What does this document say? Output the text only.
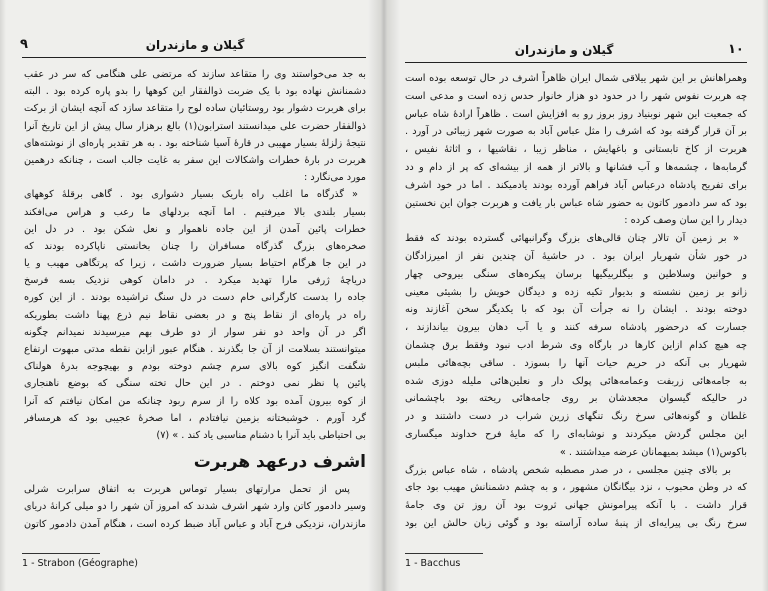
۹	گیلان و مازندران
به جد می‌خواستند وی را متقاعد سازند که مرتضی علی هنگامی که سر در عقب
دشمنانش نهاده بود با یک ضربت ذوالفقار این کوهها را بدو پاره کرده بود . البته
برای هربرت دشوار بود روستائیان ساده لوح را متقاعد سازد که آنچه ایشان از برکت
ذوالفقار حضرت علی میدانستند استرابون(۱) بالغ برهزار سال پیش از این تاریخ آنرا
نتیجهٔ زلزلهٔ بسیار مهیبی در قارهٔ آسیا شناخته بود . به هر تقدیر پاره‌ای از نوشته‌های
هربرت در بارهٔ خطرات واشکالات این سفر به غایت جالب است ، چنانکه درهمین
مورد می‌نگارد :
« گذرگاه ما اغلب راه باریک بسیار دشواری بود . گاهی برقلهٔ کوههای
بسیار بلندی بالا میرفتیم . اما آنچه بردلهای ما رعب و هراس می‌افکند
خطرات پائین آمدن از این جاده ناهموار و نعل شکن بود . در دل این
صخره‌های بزرگ گذرگاه مسافران را چنان بخانستی ناپاکرده بودند که
در این جا هرگام احتیاط بسیار ضرورت داشت ، زیرا که پرتگاهی مهیب و یا
دریاچهٔ ژرفی مارا تهدید میکرد . در دامان کوهی نزدیک بسه فرسخ
جاده را بدست کارگرانی خام دست در دل سنگ تراشیده بودند . از این کوره
راه در پاره‌ای از نقاط پنج و در بعضی نقاط نیم ذرع پهنا داشت بطوریکه
اگر در آن واحد دو نفر سوار از دو طرف بهم میرسیدند نمیدانم چگونه
میتوانستند بسلامت از آن جا بگذرند . هنگام عبور ازاین نقطه مدتی مبهوت ارتفاع
شگفت انگیز کوه بالای سرم چشم دوخته بودم و بهیچوجه بدرهٔ هولناک
پائین پا نظر نمی دوختم . در این حال تخته سنگی که بوضع ناهنجاری
از کوه بیرون آمده بود کلاه را از سرم ربود چنانکه من امکان نیافتم که آنرا
گرد آورم . خوشبختانه بزمین نیافتادم ، اما صخرهٔ عجیبی بود که هرمسافر
بی احتیاطی باید آنرا با دشنام مناسبی یاد کند . » (۷)
اشرف درعهد هربرت
پس از تحمل مرارتهای بسیار توماس هربرت به اتفاق سرابرت شرلی
وسیر دادمور کاتن وارد شهر اشرف شدند که امروز آن شهر را دو میلی کرانهٔ دریای
مازندران، نزدیکی فرح آباد و عباس آباد ضبط کرده است ، هنگام آمدن دادمور کاتون
1 - Strabon (Géographe)
گیلان و مازندران	۱۰
وهمراهانش بر این شهر ییلاقی شمال ایران ظاهراً اشرف در حال توسعه بوده است
چه هربرت نفوس شهر را در حدود دو هزار خانوار حدس زده است و مدعی است
که جمعیت این شهر نوبنیاد روز بروز رو به افزایش است . ظاهراً ارادهٔ شاه عباس
بر آن قرار گرفته بود که اشرف را مثل عباس آباد به صورت شهر زیبائی در آورد .
هربرت از کاخ تابستانی و باغهایش ، مناظر زیبا ، نقاشیها ، و اثاثهٔ نفیس ،
گرمابه‌ها ، چشمه‌ها و آب فشانها و بالاتر از همه از بیشه‌ای که پر از دام و دد
برای تفریح پادشاه درعباس آباد فراهم آورده بودند یادمیکند . اما در خود اشرف
بود که سر دادمور کاتون به حضور شاه عباس بار یافت و هربرت جوان این نخستین
دیدار را این سان وصف کرده :
« بر زمین آن تالار چنان قالی‌های بزرگ وگرانبهائی گسترده بودند که فقط
در خور شأن شهریار ایران بود . در حاشیهٔ آن چندین نفر از امیرزادگان
و خوانین وسلاطین و بیگلربیگیها برسان پیکره‌های سنگی بیروحی چهار
زانو بر زمین نشسته و بدیوار تکیه زده و دیدگان خویش را بشیئی معینی
دوخته بودند . ایشان را نه جرأت آن بود که با یکدیگر سخن آغازند ونه
جسارت که درحضور پادشاه سرفه کنند و یا آب دهان بیرون بیاندازند ،
چه هیچ کدام ازاین کارها در بارگاه وی شرط ادب نبود وفقط برق چشمان
شهریار بی آنکه در حریم حیات آنها را بسوزد . ساقی بچه‌هائی ملبس
به جامه‌هائی زربفت وعمامه‌هائی پولک دار و نعلین‌هائی ملیله دوزی شده
در حالیکه گیسوان مجعدشان بر روی جامه‌هائی ریخته بود باچشمانی
غلطان و گونه‌هائی سرخ رنگ تنگهای زرین شراب در دست داشتند و در
این مجلس گردش میکردند و نوشابه‌ای را که مایهٔ فرح خداوند میگساری
باکوس(۱) میشد بمیهمانان عرضه میداشتند . »
بر بالای چنین مجلسی ، در صدر مصطبه شخص پادشاه ، شاه عباس بزرگ
که در وطن محبوب ، نزد بیگانگان مشهور ، و به چشم دشمنانش مهیب بود جای
قرار داشت . با آنکه پیرامونش جهانی ثروت بود آن روز تن وی جامهٔ
سرخ رنگ بی پیرایه‌ای از پنبهٔ ساده آراسته بود و گوئی زبان حالش این بود
1 - Bacchus
